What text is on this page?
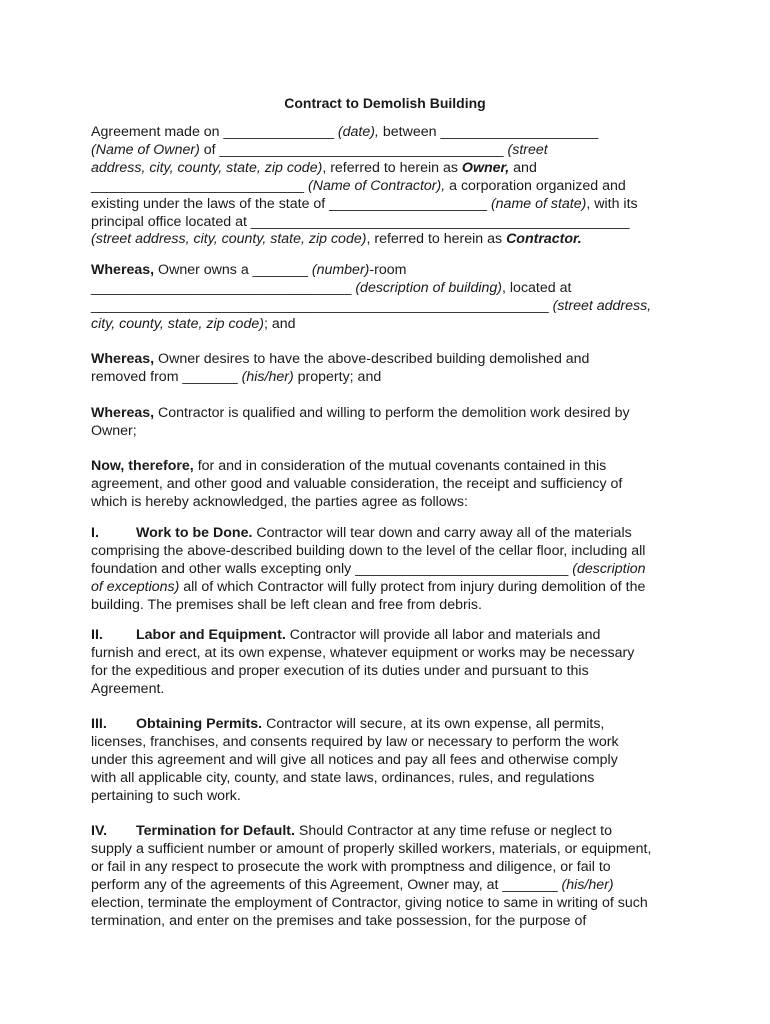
Contract to Demolish Building
Agreement made on ______________ (date), between ____________________
(Name of Owner) of ____________________________________ (street
address, city, county, state, zip code), referred to herein as Owner, and
___________________________ (Name of Contractor), a corporation organized and
existing under the laws of the state of ____________________ (name of state), with its
principal office located at ________________________________________________
(street address, city, county, state, zip code), referred to herein as Contractor.
Whereas, Owner owns a _______ (number)-room
_________________________________ (description of building), located at
__________________________________________________________ (street address,
city, county, state, zip code); and
Whereas, Owner desires to have the above-described building demolished and
removed from _______ (his/her) property; and
Whereas, Contractor is qualified and willing to perform the demolition work desired by
Owner;
Now, therefore, for and in consideration of the mutual covenants contained in this
agreement, and other good and valuable consideration, the receipt and sufficiency of
which is hereby acknowledged, the parties agree as follows:
I.	Work to be Done. Contractor will tear down and carry away all of the materials
comprising the above-described building down to the level of the cellar floor, including all
foundation and other walls excepting only ___________________________ (description
of exceptions) all of which Contractor will fully protect from injury during demolition of the
building. The premises shall be left clean and free from debris.
II. Labor and Equipment. Contractor will provide all labor and materials and
furnish and erect, at its own expense, whatever equipment or works may be necessary
for the expeditious and proper execution of its duties under and pursuant to this
Agreement.
III. Obtaining Permits. Contractor will secure, at its own expense, all permits,
licenses, franchises, and consents required by law or necessary to perform the work
under this agreement and will give all notices and pay all fees and otherwise comply
with all applicable city, county, and state laws, ordinances, rules, and regulations
pertaining to such work.
IV. Termination for Default. Should Contractor at any time refuse or neglect to
supply a sufficient number or amount of properly skilled workers, materials, or equipment,
or fail in any respect to prosecute the work with promptness and diligence, or fail to
perform any of the agreements of this Agreement, Owner may, at _______ (his/her)
election, terminate the employment of Contractor, giving notice to same in writing of such
termination, and enter on the premises and take possession, for the purpose of
